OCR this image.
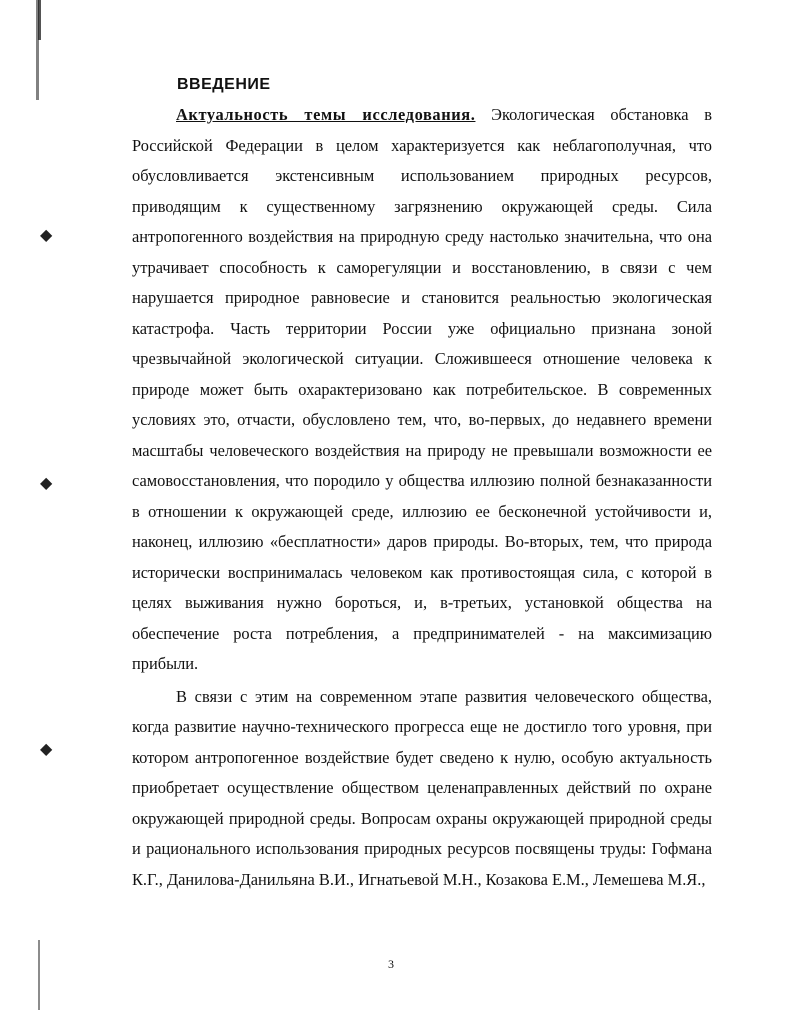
◆
◆
◆
ВВЕДЕНИЕ

Актуальность темы исследования. Экологическая обстановка в Российской Федерации в целом характеризуется как неблагополучная, что обусловливается экстенсивным использованием природных ресурсов, приводящим к существенному загрязнению окружающей среды. Сила антропогенного воздействия на природную среду настолько значительна, что она утрачивает способность к саморегуляции и восстановлению, в связи с чем нарушается природное равновесие и становится реальностью экологическая катастрофа. Часть территории России уже официально признана зоной чрезвычайной экологической ситуации. Сложившееся отношение человека к природе может быть охарактеризовано как потребительское. В современных условиях это, отчасти, обусловлено тем, что, во-первых, до недавнего времени масштабы человеческого воздействия на природу не превышали возможности ее самовосстановления, что породило у общества иллюзию полной безнаказанности в отношении к окружающей среде, иллюзию ее бесконечной устойчивости и, наконец, иллюзию «бесплатности» даров природы. Во-вторых, тем, что природа исторически воспринималась человеком как противостоящая сила, с которой в целях выживания нужно бороться, и, в-третьих, установкой общества на обеспечение роста потребления, а предпринимателей - на максимизацию прибыли.

В связи с этим на современном этапе развития человеческого общества, когда развитие научно-технического прогресса еще не достигло того уровня, при котором антропогенное воздействие будет сведено к нулю, особую актуальность приобретает осуществление обществом целенаправленных действий по охране окружающей природной среды. Вопросам охраны окружающей природной среды и рационального использования природных ресурсов посвящены труды: Гофмана К.Г., Данилова-Данильяна В.И., Игнатьевой М.Н., Козакова Е.М., Лемешева М.Я.,

3
